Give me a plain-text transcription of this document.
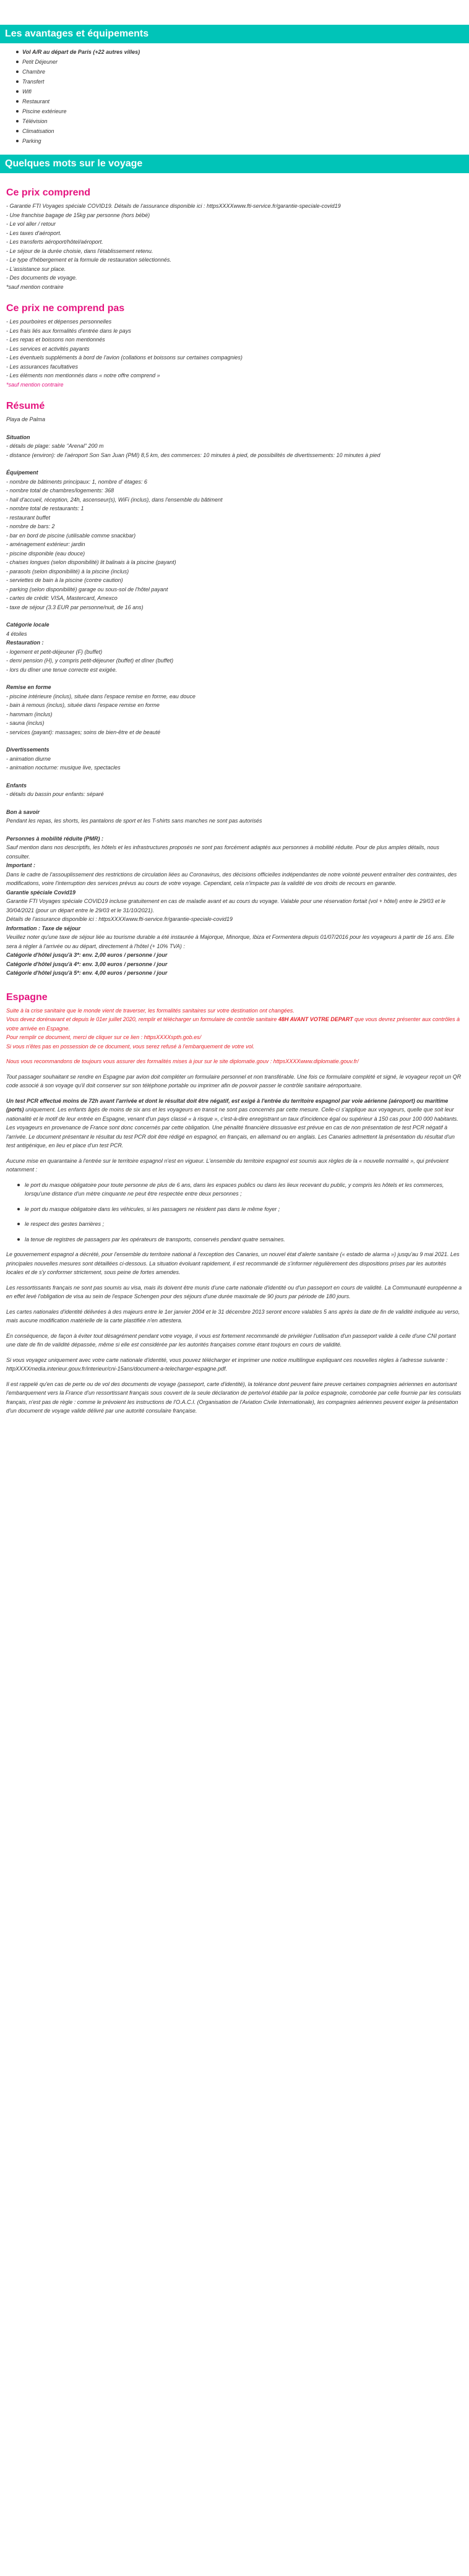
Les avantages et équipements
Vol A/R au départ de Paris (+22 autres villes)
Petit Déjeuner
Chambre
Transfert
Wifi
Restaurant
Piscine extérieure
Télévision
Climatisation
Parking
Quelques mots sur le voyage
Ce prix comprend
- Garantie FTI Voyages spéciale COVID19. Détails de l'assurance disponible ici : httpsXXXXwww.fti-service.fr/garantie-speciale-covid19
- Une franchise bagage de 15kg par personne (hors bébé)
- Le vol aller / retour
- Les taxes d'aéroport.
- Les transferts aéroport/hôtel/aéroport.
- Le séjour de la durée choisie, dans l'établissement retenu.
- Le type d'hébergement et la formule de restauration sélectionnés.
- L'assistance sur place.
- Des documents de voyage.
*sauf mention contraire
Ce prix ne comprend pas
- Les pourboires et dépenses personnelles
- Les frais liés aux formalités d'entrée dans le pays
- Les repas et boissons non mentionnés
- Les services et activités payants
- Les éventuels suppléments à bord de l'avion (collations et boissons sur certaines compagnies)
- Les assurances facultatives
- Les éléments non mentionnés dans « notre offre comprend »
*sauf mention contraire
Résumé

Playa de Palma

Situation
- détails de plage: sable "Arenal" 200 m
- distance (environ): de l'aéroport Son San Juan (PMI) 8,5 km, des commerces: 10 minutes à pied, de possibilités de divertissements: 10 minutes à pied
Équipement
- nombre de bâtiments principaux: 1, nombre d' étages: 6
- nombre total de chambres/logements: 368
- hall d'accueil, réception, 24h, ascenseur(s), WiFi (inclus), dans l'ensemble du bâtiment
- nombre total de restaurants: 1
- restaurant buffet
- nombre de bars: 2
- bar en bord de piscine (utilisable comme snackbar)
- aménagement extérieur: jardin
- piscine disponible (eau douce)
- chaises longues (selon disponibilité) lit balinais à la piscine (payant)
- parasols (selon disponibilité) à la piscine (inclus)
- serviettes de bain à la piscine (contre caution)
- parking (selon disponibilité) garage ou sous-sol de l'hôtel payant
- cartes de crédit: VISA, Mastercard, Amexco
- taxe de séjour (3.3 EUR par personne/nuit, de 16 ans)
Catégorie locale

4 étoiles

Restauration :
- logement et petit-déjeuner (F) (buffet)
- demi pension (H), y compris petit-déjeuner (buffet) et dîner (buffet)
- lors du dîner une tenue correcte est exigée.
Remise en forme
- piscine intérieure (inclus), située dans l'espace remise en forme, eau douce
- bain à remous (inclus), située dans l'espace remise en forme
- hammam (inclus)
- sauna (inclus)
- services (payant): massages; soins de bien-être et de beauté
Divertissements
- animation diurne
- animation nocturne: musique live, spectacles
Enfants
- détails du bassin pour enfants: séparé
Bon à savoir
Pendant les repas, les shorts, les pantalons de sport et les T-shirts sans manches ne sont pas autorisés
Personnes à mobilité réduite (PMR) :

Sauf mention dans nos descriptifs, les hôtels et les infrastructures proposés ne sont pas forcément adaptés aux personnes à mobilité réduite. Pour de plus amples détails, nous consulter.

Important :

Dans le cadre de l'assouplissement des restrictions de circulation liées au Coronavirus, des décisions officielles indépendantes de notre volonté peuvent entraîner des contraintes, des modifications, voire l'interruption des services prévus au cours de votre voyage. Cependant, cela n'impacte pas la validité de vos droits de recours en garantie.

Garantie spéciale Covid19

Garantie FTI Voyages spéciale COVID19 incluse gratuitement en cas de maladie avant et au cours du voyage. Valable pour une réservation fortait (vol + hôtel) entre le 29/03 et le 30/04/2021 (pour un départ entre le 29/03 et le 31/10/2021).

Détails de l'assurance disponible ici : httpsXXXXwww.fti-service.fr/garantie-speciale-covid19

Information : Taxe de séjour

Veuillez noter qu'une taxe de séjour liée au tourisme durable a été instaurée à Majorque, Minorque, Ibiza et Formentera depuis 01/07/2016 pour les voyageurs à partir de 16 ans. Elle sera à régler à l'arrivée ou au départ, directement à l'hôtel (+ 10% TVA) :

Catégorie d'hôtel jusqu'à 3*: env. 2,00 euros / personne / jour
Catégorie d'hôtel jusqu'à 4*: env. 3,00 euros / personne / jour
Catégorie d'hôtel jusqu'à 5*: env. 4,00 euros / personne / jour
Espagne

Suite à la crise sanitaire que le monde vient de traverser, les formalités sanitaires sur votre destination ont changées.

Vous devez dorénavant et depuis le 01er juillet 2020, remplir et télécharger un formulaire de contrôle sanitaire 48H AVANT VOTRE DEPART que vous devrez présenter aux contrôles à votre arrivée en Espagne.

Pour remplir ce document, merci de cliquer sur ce lien : httpsXXXXspth.gob.es/

Si vous n'êtes pas en possession de ce document, vous serez refusé à l'embarquement de votre vol.

Nous vous recommandons de toujours vous assurer des formalités mises à jour sur le site diplomatie.gouv : httpsXXXXwww.diplomatie.gouv.fr/

Tout passager souhaitant se rendre en Espagne par avion doit compléter un formulaire personnel et non transférable. Une fois ce formulaire complété et signé, le voyageur reçoit un QR code associé à son voyage qu'il doit conserver sur son téléphone portable ou imprimer afin de pouvoir passer le contrôle sanitaire aéroportuaire.

Un test PCR effectué moins de 72h avant l'arrivée et dont le résultat doit être négatif, est exigé à l'entrée du territoire espagnol par voie aérienne (aéroport) ou maritime (ports) uniquement. Les enfants âgés de moins de six ans et les voyageurs en transit ne sont pas concernés par cette mesure. Celle-ci s'applique aux voyageurs, quelle que soit leur nationalité et le motif de leur entrée en Espagne, venant d'un pays classé « à risque », c'est-à-dire enregistrant un taux d'incidence égal ou supérieur à 150 cas pour 100 000 habitants. Les voyageurs en provenance de France sont donc concernés par cette obligation. Une pénalité financière dissuasive est prévue en cas de non présentation de test PCR négatif à l'arrivée. Le document présentant le résultat du test PCR doit être rédigé en espagnol, en français, en allemand ou en anglais. Les Canaries admettent la présentation du résultat d'un test antigénique, en lieu et place d'un test PCR.

Aucune mise en quarantaine à l'entrée sur le territoire espagnol n'est en vigueur. L'ensemble du territoire espagnol est soumis aux règles de la « nouvelle normalité », qui prévoient notamment :

le port du masque obligatoire pour toute personne de plus de 6 ans, dans les espaces publics ou dans les lieux recevant du public, y compris les hôtels et les commerces, lorsqu'une distance d'un mètre cinquante ne peut être respectée entre deux personnes ;
le port du masque obligatoire dans les véhicules, si les passagers ne résident pas dans le même foyer ;
le respect des gestes barrières ;
la tenue de registres de passagers par les opérateurs de transports, conservés pendant quatre semaines.

Le gouvernement espagnol a décrété, pour l'ensemble du territoire national à l'exception des Canaries, un nouvel état d'alerte sanitaire (« estado de alarma ») jusqu'au 9 mai 2021. Les principales nouvelles mesures sont détaillées ci-dessous. La situation évoluant rapidement, il est recommandé de s'informer régulièrement des dispositions prises par les autorités locales et de s'y conformer strictement, sous peine de fortes amendes.

Les ressortissants français ne sont pas soumis au visa, mais ils doivent être munis d'une carte nationale d'identité ou d'un passeport en cours de validité. La Communauté européenne a en effet levé l'obligation de visa au sein de l'espace Schengen pour des séjours d'une durée maximale de 90 jours par période de 180 jours.

Les cartes nationales d'identité délivrées à des majeurs entre le 1er janvier 2004 et le 31 décembre 2013 seront encore valables 5 ans après la date de fin de validité indiquée au verso, mais aucune modification matérielle de la carte plastifiée n'en attestera.

En conséquence, de façon à éviter tout désagrément pendant votre voyage, il vous est fortement recommandé de privilégier l'utilisation d'un passeport valide à celle d'une CNI portant une date de fin de validité dépassée, même si elle est considérée par les autorités françaises comme étant toujours en cours de validité.

Si vous voyagez uniquement avec votre carte nationale d'identité, vous pouvez télécharger et imprimer une notice multilingue expliquant ces nouvelles règles à l'adresse suivante : httpXXXXmedia.interieur.gouv.fr/interieur/cni-15ans/document-a-telecharger-espagne.pdf.

Il est rappelé qu'en cas de perte ou de vol des documents de voyage (passeport, carte d'identité), la tolérance dont peuvent faire preuve certaines compagnies aériennes en autorisant l'embarquement vers la France d'un ressortissant français sous couvert de la seule déclaration de perte/vol établie par la police espagnole, corroborée par celle fournie par les consulats français, n'est pas de règle : comme le prévoient les instructions de l'O.A.C.I. (Organisation de l'Aviation Civile Internationale), les compagnies aériennes peuvent exiger la présentation d'un document de voyage valide délivré par une autorité consulaire française.
